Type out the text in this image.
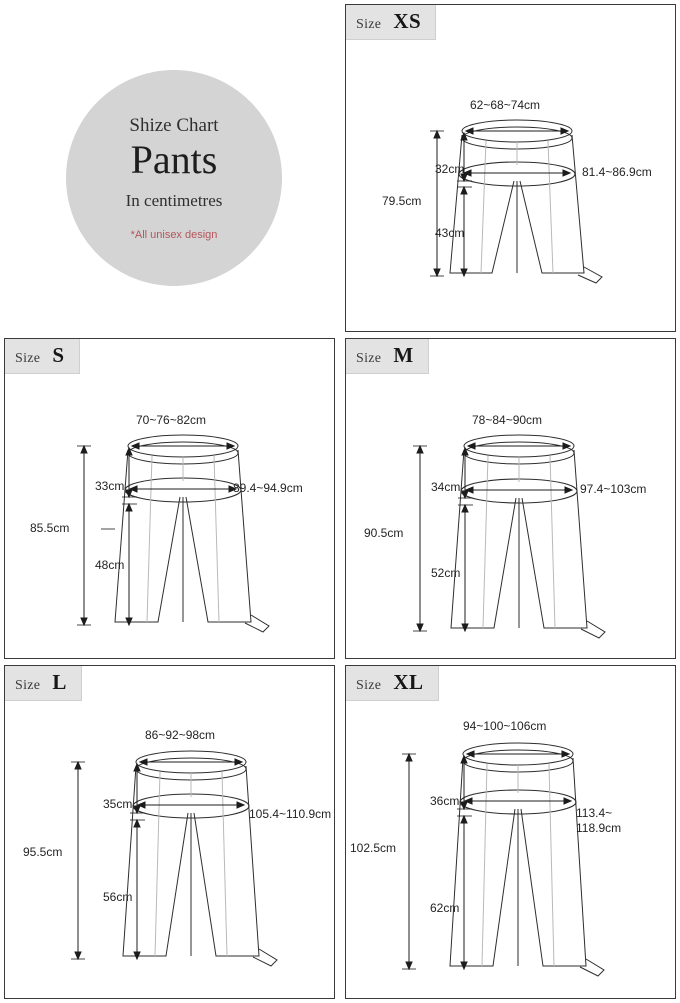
Shize Chart
Pants
In centimetres
*All unisex design
Size XS
62~68~74cm
81.4~86.9cm
79.5cm
32cm
43cm
Size S
70~76~82cm
89.4~94.9cm
85.5cm
33cm
48cm
Size M
78~84~90cm
97.4~103cm
90.5cm
34cm
52cm
Size L
86~92~98cm
105.4~110.9cm
95.5cm
35cm
56cm
Size XL
94~100~106cm
113.4~ 118.9cm
102.5cm
36cm
62cm
